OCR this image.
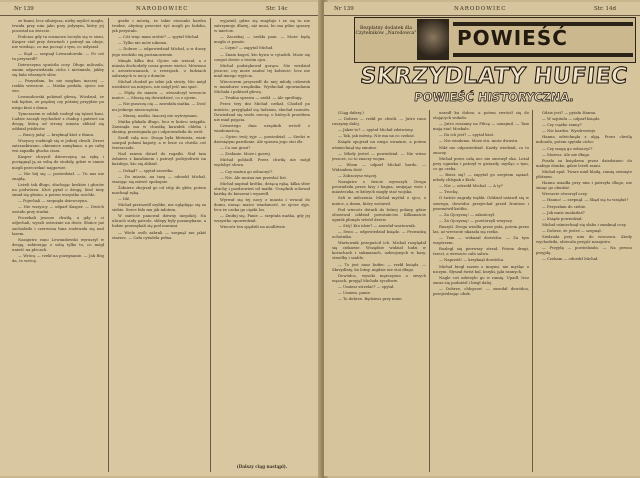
Nr 139	NARODOWIEC	Str. 14c

ze łzami, lecz silniejsza, niżby myśleć mogła, trwała przy nim jako przy jedynym, który jej pozostał na świecie.

Podczas gdy ta rozmowa toczyła się w sieni, Kasper stał przy drzwiach i patrzył na oboje, nie wiedząc, co ma począć z tym, co usłyszał.

— Siąd — szepnął Lewandowski. — Po coś tu przyszedł?

Dziewczyna spuściła oczy. Długo milczała, zanim odpowiedziała cicho i nieśmiało, jakby się bała własnych słów.

— Przyszłam, bo nie mogłam inaczej — rzekła wreszcie. — Matka posłała, ojciec nie wie.

Lewandowski pokiwał głową. Wiedział, że tak będzie, że prędzej czy później przyjdzie po niego ktoś z domu.

Tymczasem w oddali rozległ się tętent koni. Ludzie zaczęli wychodzić z chałup i patrzeć na drogę, którą od strony miasta zbliżał się oddział jeźdźców.

— Ruscy jadą! — krzyknął ktoś z tłumu.

Wszyscy rozbiegli się w jednej chwili. Drzwi zatrzaskiwano, okiennice zamykano, a po całej wsi zapadła głucha cisza.

Kasper chwycił dziewczynę za rękę i pociągnął ją za sobą do stodoły, gdzie w sianie mogli przeczekać najgorsze.

— Nie bój się — powiedział. — Tu nas nie znajdą.

Leżeli tak długo, słuchając kroków i głosów na podwórzu. Ktoś pytał o drogę, ktoś inny śmiał się głośno, a potem wszystko ucichło.

— Pojechali — szepnęła dziewczyna.

— Nie wszyscy — odparł Kasper. — Dwóch zostało przy studni.

Poczekali jeszcze chwilę, a gdy i ci odjechali, wyszli ostrożnie na dwór. Słońce już zachodziło i czerwona łuna rozlewała się nad lasem.

Nazajutrz rano Lewandowski wyruszył w drogę, zabierając z sobą tylko to, co mógł unieść na plecach.

— Wrócę — rzekł na pożegnanie. — Jak Bóg da, to wrócę.

grafie i mówię, że takie stosunki bardzo trudne, abyśmy przecież żyć mogli po ludzku, jak przystało.

— Cóż więc mam zrobić? — spytał Michał.

— Tylko nie mów nikomu.

— Dobrze — odpowiedział Michał, a w duszy jego zrodziło się postanowienie.

Minęło kilka dni. Ojciec nie wracał, a z miasta dochodziły coraz gorsze wieści. Mówiono o aresztowaniach, o rewizjach, o ludziach zabranych w nocy z domów.

Michał chodził po izbie jak struty. Nie mógł usiedzieć na miejscu, nie mógł jeść ani spać.

— Pójdę do miasta — oświadczył wreszcie matce. — Muszę się dowiedzieć, co z ojcem.

— Nie puszczę cię — zawołała matka. — Dość mi jednego nieszczęścia.

— Muszę, matko. Inaczej nie wytrzymam.

Matka płakała długo, lecz w końcu ustąpiła. Zawinęła mu w chustkę kawałek chleba i słoniny, przeżegnała go i odprowadziła do wrót.

Szedł całą noc. Droga była błotnista, wiatr szarpał połami kapoty, a w lesie co chwila coś trzeszczało.

Nad ranem dotarł do rogatki. Stał tam żołnierz z karabinem i patrzył podejrzliwie na każdego, kto się zbliżał.

— Dokąd? — spytał szorstko.

— Do miasta, na targ — odrzekł Michał, starając się mówić spokojnie.

Żołnierz obejrzał go od stóp do głów, potem machnął ręką.

— Idź.

Michał przeszedł szybko, nie oglądając się za siebie. Serce biło mu jak młotem.

W mieście panował dziwny niepokój. Na ulicach stały patrole, sklepy były pozamykane, a ludzie przemykali się pod murami.

— Wiele osób zabrali — szepnął mu jakiś starzec. — Cała cytadela pełna.

wyjaśnił, gdzie się znajduje i że się tu nie zatrzymuje dłużej, niż musi, bo ma pilne sprawy w mieście.

— Zaczekaj — rzekła pani. — Może będę mogła ci pomóc.

— Czym? — zapytał Michał.

— Znam kogoś, kto bywa w cytadeli. Może się czegoś dowie o twoim ojcu.

Michał podziękował gorąco. Nie wiedział jeszcze, czy może zaufać tej kobiecie, lecz nie miał innego wyjścia.

Wieczorem przyszedł do niej młody człowiek w mundurze urzędnika. Wysłuchał opowiadania Michała i pokiwał głową.

— Trudna sprawa — rzekł. — Ale spróbuję.

Przez trzy dni Michał czekał. Chodził po mieście, przyglądał się ludziom, słuchał rozmów. Dowiedział się wielu rzeczy, o których przedtem nie miał pojęcia.

Czwartego dnia urzędnik wrócił z wiadomością.

— Ojciec twój żyje — powiedział. — Siedzi w dziesiątym pawilonie. Ale sprawa jego stoi źle.

— Co mu grozi?

— Zesłanie. Może i gorzej.

Michał pobladł. Przez chwilę nie mógł wydobyć słowa.

— Czy można go zobaczyć?

— Nie. Ale można mu przesłać list.

Michał napisał krótko, drżącą ręką, kilka słów otuchy i pozdrowień od matki. Urzędnik schował kartkę do kieszeni i wyszedł.

Wyrwał się tej nocy z miasta i wracał do domu, niosąc matce wiadomość, że ojciec żyje, lecz że czeka go ciężki los.

— Zmiłuj się, Panie — szeptała matka, gdy jej wszystko opowiedział.

Wieczór ten spędzili na modlitwie.

(Dalszy ciąg nastąpi).
Nr 139	NARODOWIEC	Str. 14d
Bezpłatny dodatek dla Czytelników „Narodowca" POWIEŚĆ
SKRZYDLATY HUFIEC
POWIEŚĆ HISTORYCZNA.

(Ciąg dalszy.)

— Dobrze — rzekł po chwili. — Jutro rano ruszymy dalej.

— Jakże to? — spytał Michał zdziwiony.

— Tak, jak mówię. Nie ma na co czekać.

Ksiądz spojrzał na niego uważnie, a potem uśmiechnął się smutno.

— Młody jesteś — powiedział. — Nie wiesz jeszcze, co to znaczy wojna.

— Wiem — odparł Michał hardo. — Widziałem dość.

— Zobaczysz więcej.

Nazajutrz o świcie wyruszyli. Droga prowadziła przez lasy i bagna, omijając wsie i miasteczka, w których mogły stać wojska.

Szli w milczeniu. Michał myślał o ojcu, o matce, o domu, który zostawił.

Pod wieczór dotarli do leśnej polany, gdzie obozował oddział powstańców. Kilkanaście ognisk płonęło wśród drzew.

— Stój! Kto idzie? — zawołał wartownik.

— Swoi — odpowiedział ksiądz. — Prowadzę ochotnika.

Wartownik przepuścił ich. Michał rozglądał się ciekawie. Wszędzie widział ludzi w kożuchach i sukmanach, uzbrojonych w kosy, strzelby i szable.

— To jest nasz hufiec — rzekł ksiądz. — Skrzydlaty, bo lotny, nigdzie nie stoi długo.

Dowódca, wysoki mężczyzna o siwych wąsach, przyjął Michała życzliwie.

— Umiesz strzelać? — spytał.

— Umiem, panie.

— To dobrze. Będziesz przy mnie.

uszedł ku dołom, a potem zwrócił się do stojących wokoło.

— Jutro ruszamy na Pilicę — oznajmił. — Tam mają stać Moskale.

— Ilu ich jest? — spytał ktoś.

— Nie wiadomo. Może stu, może dwustu.

Nikt nie odpowiedział. Każdy wiedział, co to znaczy.

Michał przez całą noc nie zmrużył oka. Leżał przy ognisku i patrzył w gwiazdy, myśląc o tym, co go czeka.

— Boisz się? — zapytał go szeptem sąsiad, młody chłopak z Kielc.

— Nie — odrzekł Michał. — A ty?

— Trochę.

O świcie zagrały trąbki. Oddział ustawił się w szeregu, dowódca przejechał przed frontem i przemówił krótko.

— Za Ojczyznę! — zakończył.

— Za Ojczyznę! — powtórzyli wszyscy.

Ruszyli. Droga wiodła przez pola, potem przez las, aż wreszcie ukazała się rzeka.

— Tam — wskazał dowódca. — Za tym wzgórzem.

Rozległ się pierwszy strzał. Potem drugi, trzeci, a wreszcie cała salwa.

— Naprzód! — krzyknął dowódca.

Michał biegł razem z innymi, nie myśląc o niczym. Słyszał świst kul, krzyki, jęki rannych.

Nagle coś uderzyło go w ramię. Upadł, lecz zaraz się podniósł i biegł dalej.

— Dobrze, chłopcze! — zawołał dowódca, przejeżdżając obok.

Gdzie jest? — pytała Hanna.

— W szpitalu — odparł ksiądz.

— Czy ciężko ranny?

— Nie bardzo. Wyzdrowieje.

Hanna odetchnęła z ulgą. Przez chwilę milczała, potem spytała cicho:

— Czy mogę go zobaczyć?

— Możesz. Ale nie długo.

Poszła za księdzem przez dziedziniec do małego domku, gdzie leżeli ranni.

Michał spał. Twarz miał bladą, ramię owinięte płótnem.

Hanna usiadła przy nim i patrzyła długo, nie śmiąc go obudzić.

Wreszcie otworzył oczy.

— Hanno! — szepnął. — Skąd się tu wzięłaś?

— Przyszłam do ciebie.

— Jak mnie znalazłaś?

— Ksiądz powiedział.

Michał uśmiechnął się słabo i zamknął oczy.

— Dobrze, że jesteś — szepnął.

Siedziała przy nim do wieczora. Kiedy wychodziła, obiecała przyjść nazajutrz.

— Przyjdę — powiedziała. — Na pewno przyjdę.

— Czekam — odrzekł Michał.
